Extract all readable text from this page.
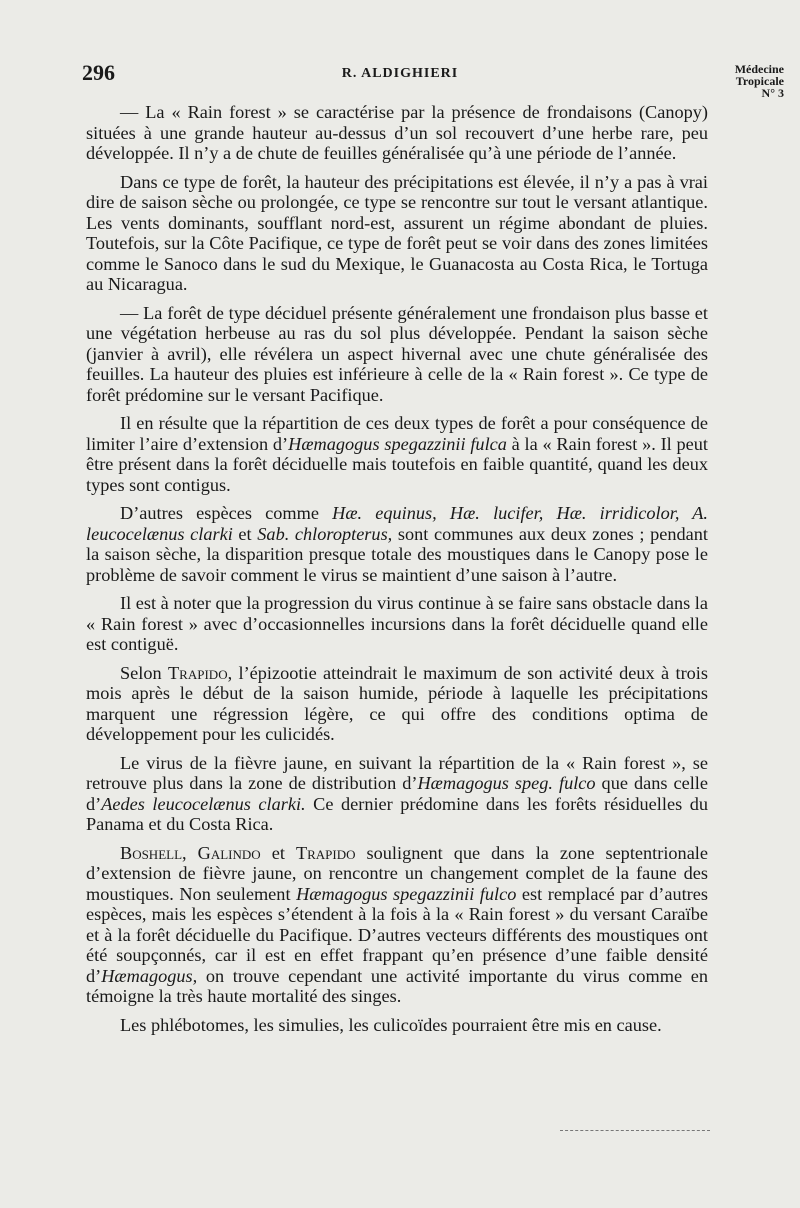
296	R. ALDIGHIERI	Médecine
Tropicale
N° 3

— La « Rain forest » se caractérise par la présence de frondaisons (Canopy) situées à une grande hauteur au-dessus d’un sol recouvert d’une herbe rare, peu développée. Il n’y a de chute de feuilles généralisée qu’à une période de l’année.

Dans ce type de forêt, la hauteur des précipitations est élevée, il n’y a pas à vrai dire de saison sèche ou prolongée, ce type se rencontre sur tout le versant atlantique. Les vents dominants, soufflant nord-est, assurent un régime abondant de pluies. Toutefois, sur la Côte Pacifique, ce type de forêt peut se voir dans des zones limitées comme le Sanoco dans le sud du Mexique, le Guanacosta au Costa Rica, le Tortuga au Nicaragua.

— La forêt de type déciduel présente généralement une frondaison plus basse et une végétation herbeuse au ras du sol plus développée. Pendant la saison sèche (janvier à avril), elle révélera un aspect hivernal avec une chute généralisée des feuilles. La hauteur des pluies est inférieure à celle de la « Rain forest ». Ce type de forêt prédomine sur le versant Pacifique.

Il en résulte que la répartition de ces deux types de forêt a pour conséquence de limiter l’aire d’extension d’Hæmagogus spegazzinii fulca à la « Rain forest ». Il peut être présent dans la forêt déciduelle mais toutefois en faible quantité, quand les deux types sont contigus.

D’autres espèces comme Hæ. equinus, Hæ. lucifer, Hæ. irridicolor, A. leucocelænus clarki et Sab. chloropterus, sont communes aux deux zones ; pendant la saison sèche, la disparition presque totale des moustiques dans le Canopy pose le problème de savoir comment le virus se maintient d’une saison à l’autre.

Il est à noter que la progression du virus continue à se faire sans obstacle dans la « Rain forest » avec d’occasionnelles incursions dans la forêt déciduelle quand elle est contiguë.

Selon Trapido, l’épizootie atteindrait le maximum de son activité deux à trois mois après le début de la saison humide, période à laquelle les précipitations marquent une régression légère, ce qui offre des conditions optima de développement pour les culicidés.

Le virus de la fièvre jaune, en suivant la répartition de la « Rain forest », se retrouve plus dans la zone de distribution d’Hæmagogus speg. fulco que dans celle d’Aedes leucocelænus clarki. Ce dernier prédomine dans les forêts résiduelles du Panama et du Costa Rica.

Boshell, Galindo et Trapido soulignent que dans la zone septentrionale d’extension de fièvre jaune, on rencontre un changement complet de la faune des moustiques. Non seulement Hæmagogus spegazzinii fulco est remplacé par d’autres espèces, mais les espèces s’étendent à la fois à la « Rain forest » du versant Caraïbe et à la forêt déciduelle du Pacifique. D’autres vecteurs différents des moustiques ont été soupçonnés, car il est en effet frappant qu’en présence d’une faible densité d’Hæmagogus, on trouve cependant une activité importante du virus comme en témoigne la très haute mortalité des singes.

Les phlébotomes, les simulies, les culicoïdes pourraient être mis en cause.
